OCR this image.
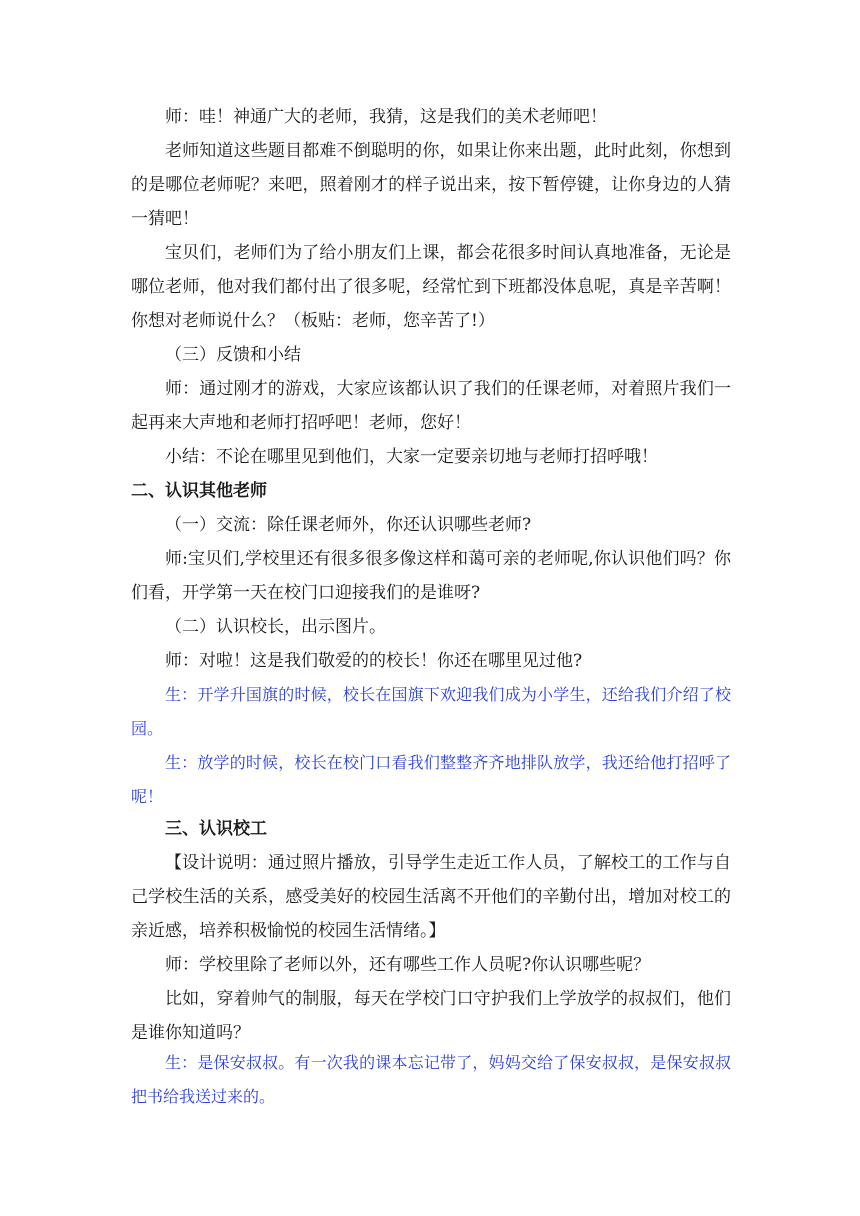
师：哇！神通广大的老师，我猜，这是我们的美术老师吧！

老师知道这些题目都难不倒聪明的你，如果让你来出题，此时此刻，你想到的是哪位老师呢？来吧，照着刚才的样子说出来，按下暂停键，让你身边的人猜一猜吧！

宝贝们，老师们为了给小朋友们上课，都会花很多时间认真地准备，无论是哪位老师，他对我们都付出了很多呢，经常忙到下班都没体息呢，真是辛苦啊！你想对老师说什么？（板贴：老师，您辛苦了!）

（三）反馈和小结

师：通过刚才的游戏，大家应该都认识了我们的任课老师，对着照片我们一起再来大声地和老师打招呼吧！老师，您好！

小结：不论在哪里见到他们，大家一定要亲切地与老师打招呼哦！

二、认识其他老师

（一）交流：除任课老师外，你还认识哪些老师?

师:宝贝们,学校里还有很多很多像这样和蔼可亲的老师呢,你认识他们吗？你们看，开学第一天在校门口迎接我们的是谁呀?

（二）认识校长，出示图片。

师：对啦！这是我们敬爱的的校长！你还在哪里见过他?

生：开学升国旗的时候，校长在国旗下欢迎我们成为小学生，还给我们介绍了校园。

生：放学的时候，校长在校门口看我们整整齐齐地排队放学，我还给他打招呼了呢！

三、认识校工

【设计说明：通过照片播放，引导学生走近工作人员，了解校工的工作与自己学校生活的关系，感受美好的校园生活离不开他们的辛勤付出，增加对校工的亲近感，培养积极愉悦的校园生活情绪。】

师：学校里除了老师以外，还有哪些工作人员呢?你认识哪些呢？

比如，穿着帅气的制服，每天在学校门口守护我们上学放学的叔叔们，他们是谁你知道吗？

生：是保安叔叔。有一次我的课本忘记带了，妈妈交给了保安叔叔，是保安叔叔把书给我送过来的。
